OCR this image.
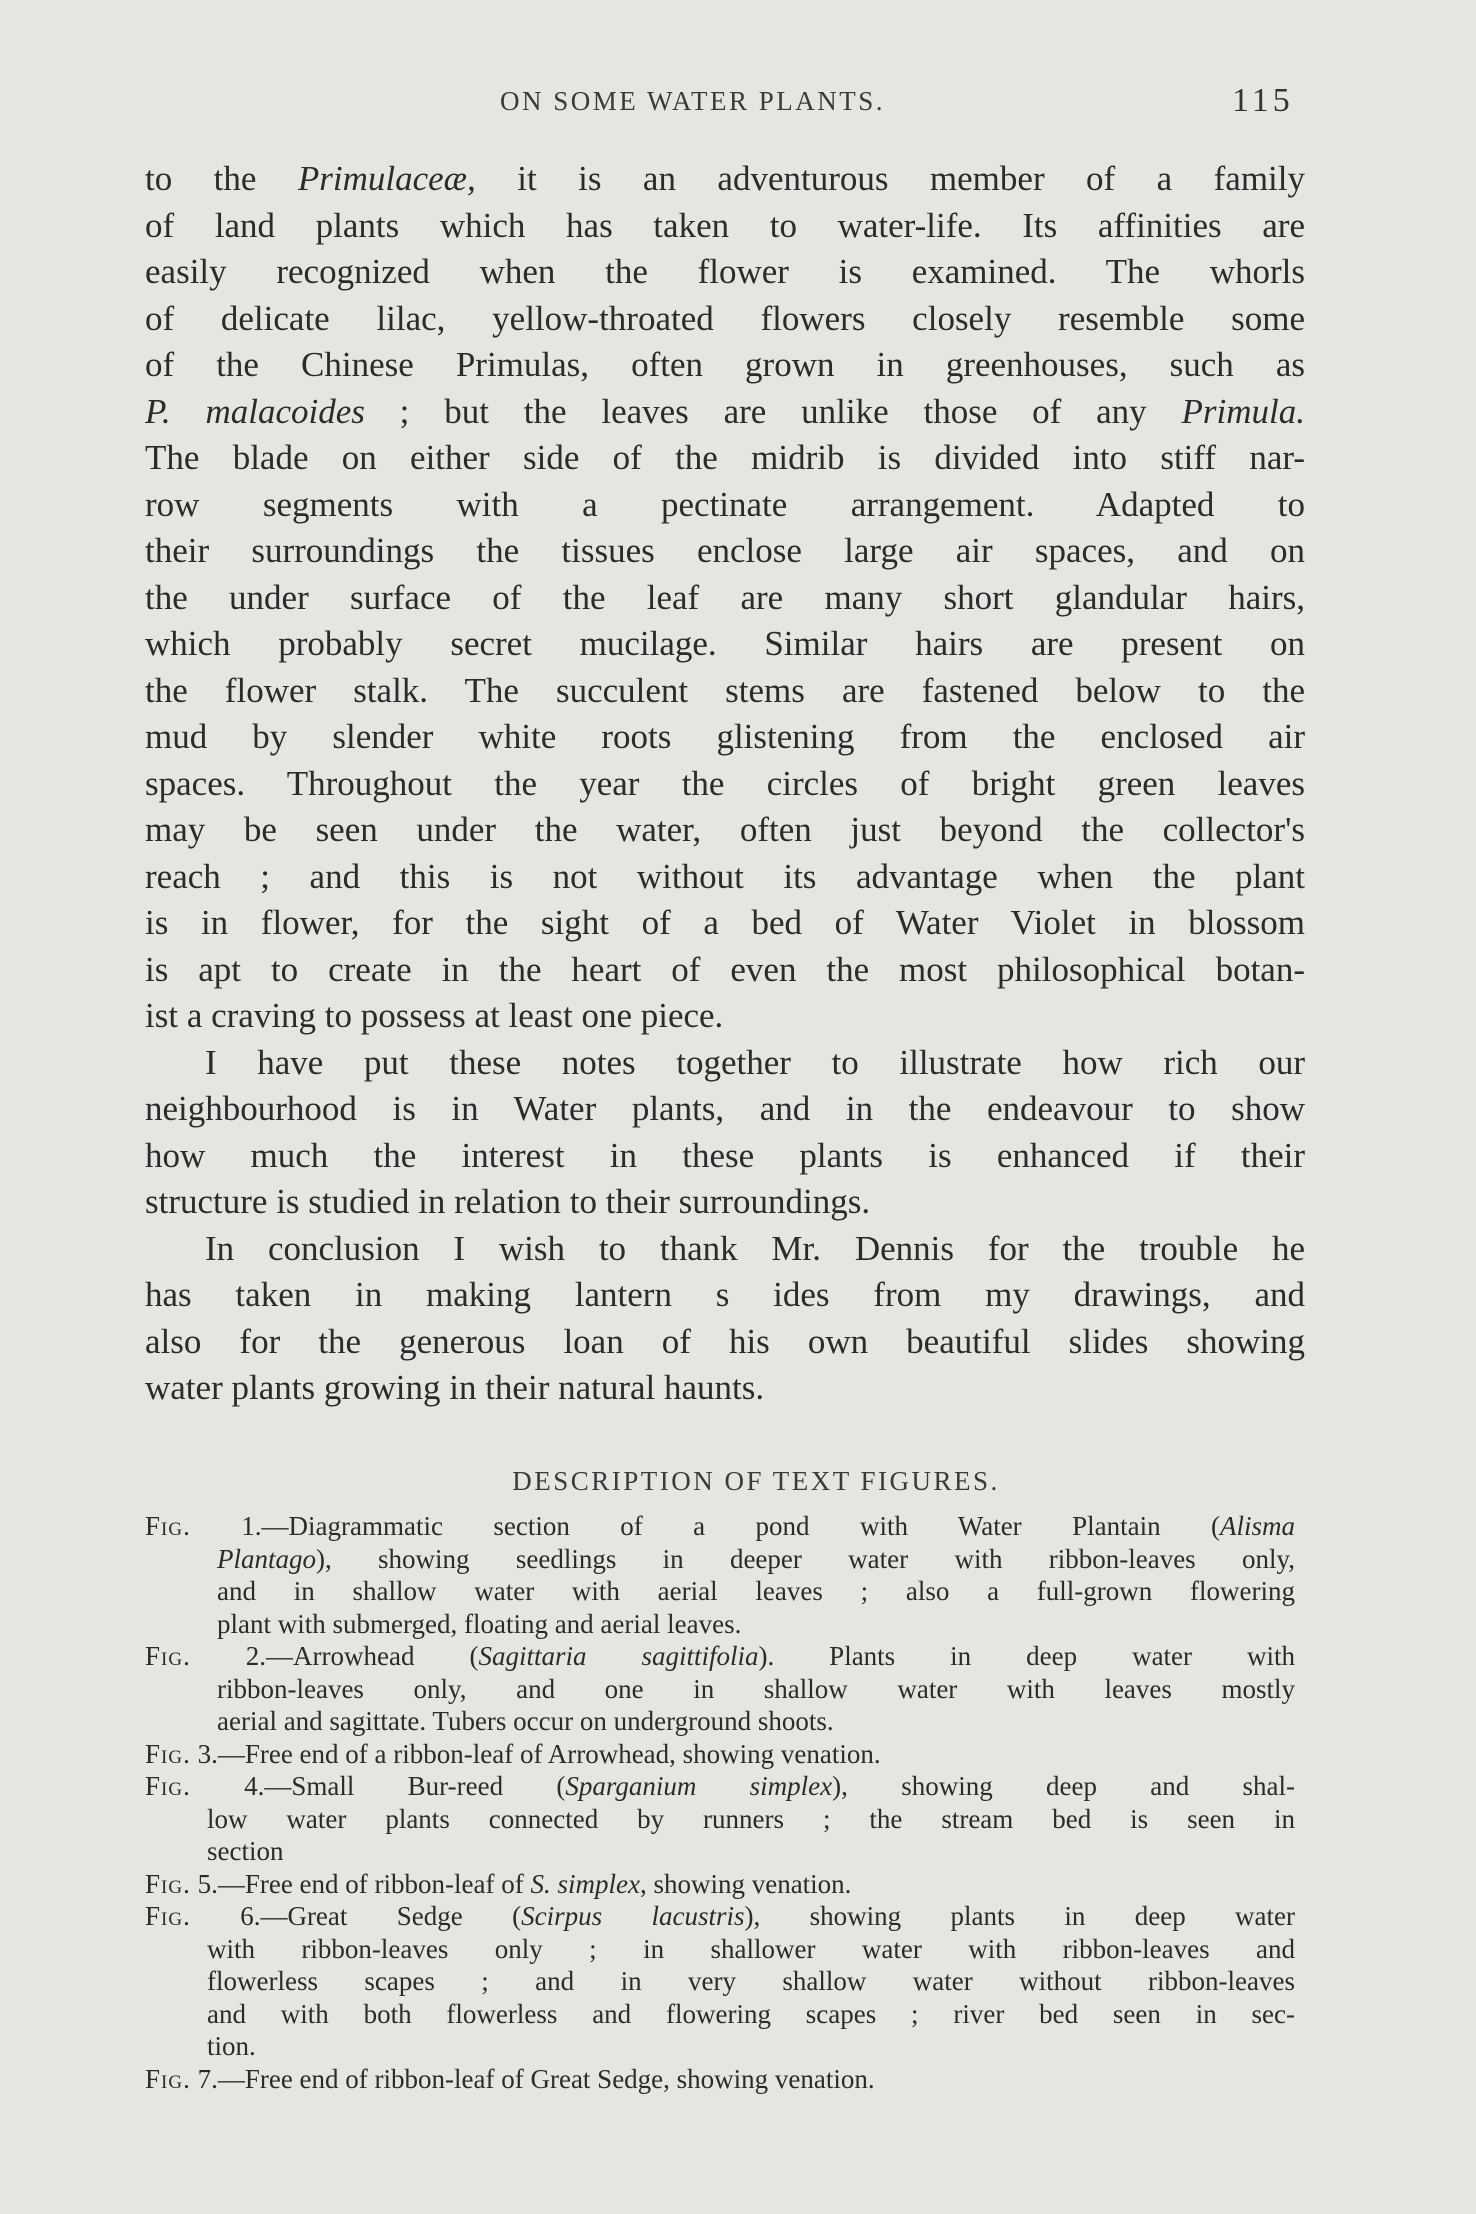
ON SOME WATER PLANTS.	115
to the Primulaceæ, it is an adventurous member of a family
of land plants which has taken to water-life. Its affinities are
easily recognized when the flower is examined. The whorls
of delicate lilac, yellow-throated flowers closely resemble some
of the Chinese Primulas, often grown in greenhouses, such as
P. malacoides ; but the leaves are unlike those of any Primula.
The blade on either side of the midrib is divided into stiff nar-
row segments with a pectinate arrangement. Adapted to
their surroundings the tissues enclose large air spaces, and on
the under surface of the leaf are many short glandular hairs,
which probably secret mucilage. Similar hairs are present on
the flower stalk. The succulent stems are fastened below to the
mud by slender white roots glistening from the enclosed air
spaces. Throughout the year the circles of bright green leaves
may be seen under the water, often just beyond the collector's
reach ; and this is not without its advantage when the plant
is in flower, for the sight of a bed of Water Violet in blossom
is apt to create in the heart of even the most philosophical botan-
ist a craving to possess at least one piece.
I have put these notes together to illustrate how rich our
neighbourhood is in Water plants, and in the endeavour to show
how much the interest in these plants is enhanced if their
structure is studied in relation to their surroundings.
In conclusion I wish to thank Mr. Dennis for the trouble he
has taken in making lantern s ides from my drawings, and
also for the generous loan of his own beautiful slides showing
water plants growing in their natural haunts.
DESCRIPTION OF TEXT FIGURES.
Fig. 1.—Diagrammatic section of a pond with Water Plantain (Alisma
Plantago), showing seedlings in deeper water with ribbon-leaves only,
and in shallow water with aerial leaves ; also a full-grown flowering
plant with submerged, floating and aerial leaves.
Fig. 2.—Arrowhead (Sagittaria sagittifolia). Plants in deep water with
ribbon-leaves only, and one in shallow water with leaves mostly
aerial and sagittate. Tubers occur on underground shoots.
Fig. 3.—Free end of a ribbon-leaf of Arrowhead, showing venation.
Fig. 4.—Small Bur-reed (Sparganium simplex), showing deep and shal-
low water plants connected by runners ; the stream bed is seen in
section
Fig. 5.—Free end of ribbon-leaf of S. simplex, showing venation.
Fig. 6.—Great Sedge (Scirpus lacustris), showing plants in deep water
with ribbon-leaves only ; in shallower water with ribbon-leaves and
flowerless scapes ; and in very shallow water without ribbon-leaves
and with both flowerless and flowering scapes ; river bed seen in sec-
tion.
Fig. 7.—Free end of ribbon-leaf of Great Sedge, showing venation.
